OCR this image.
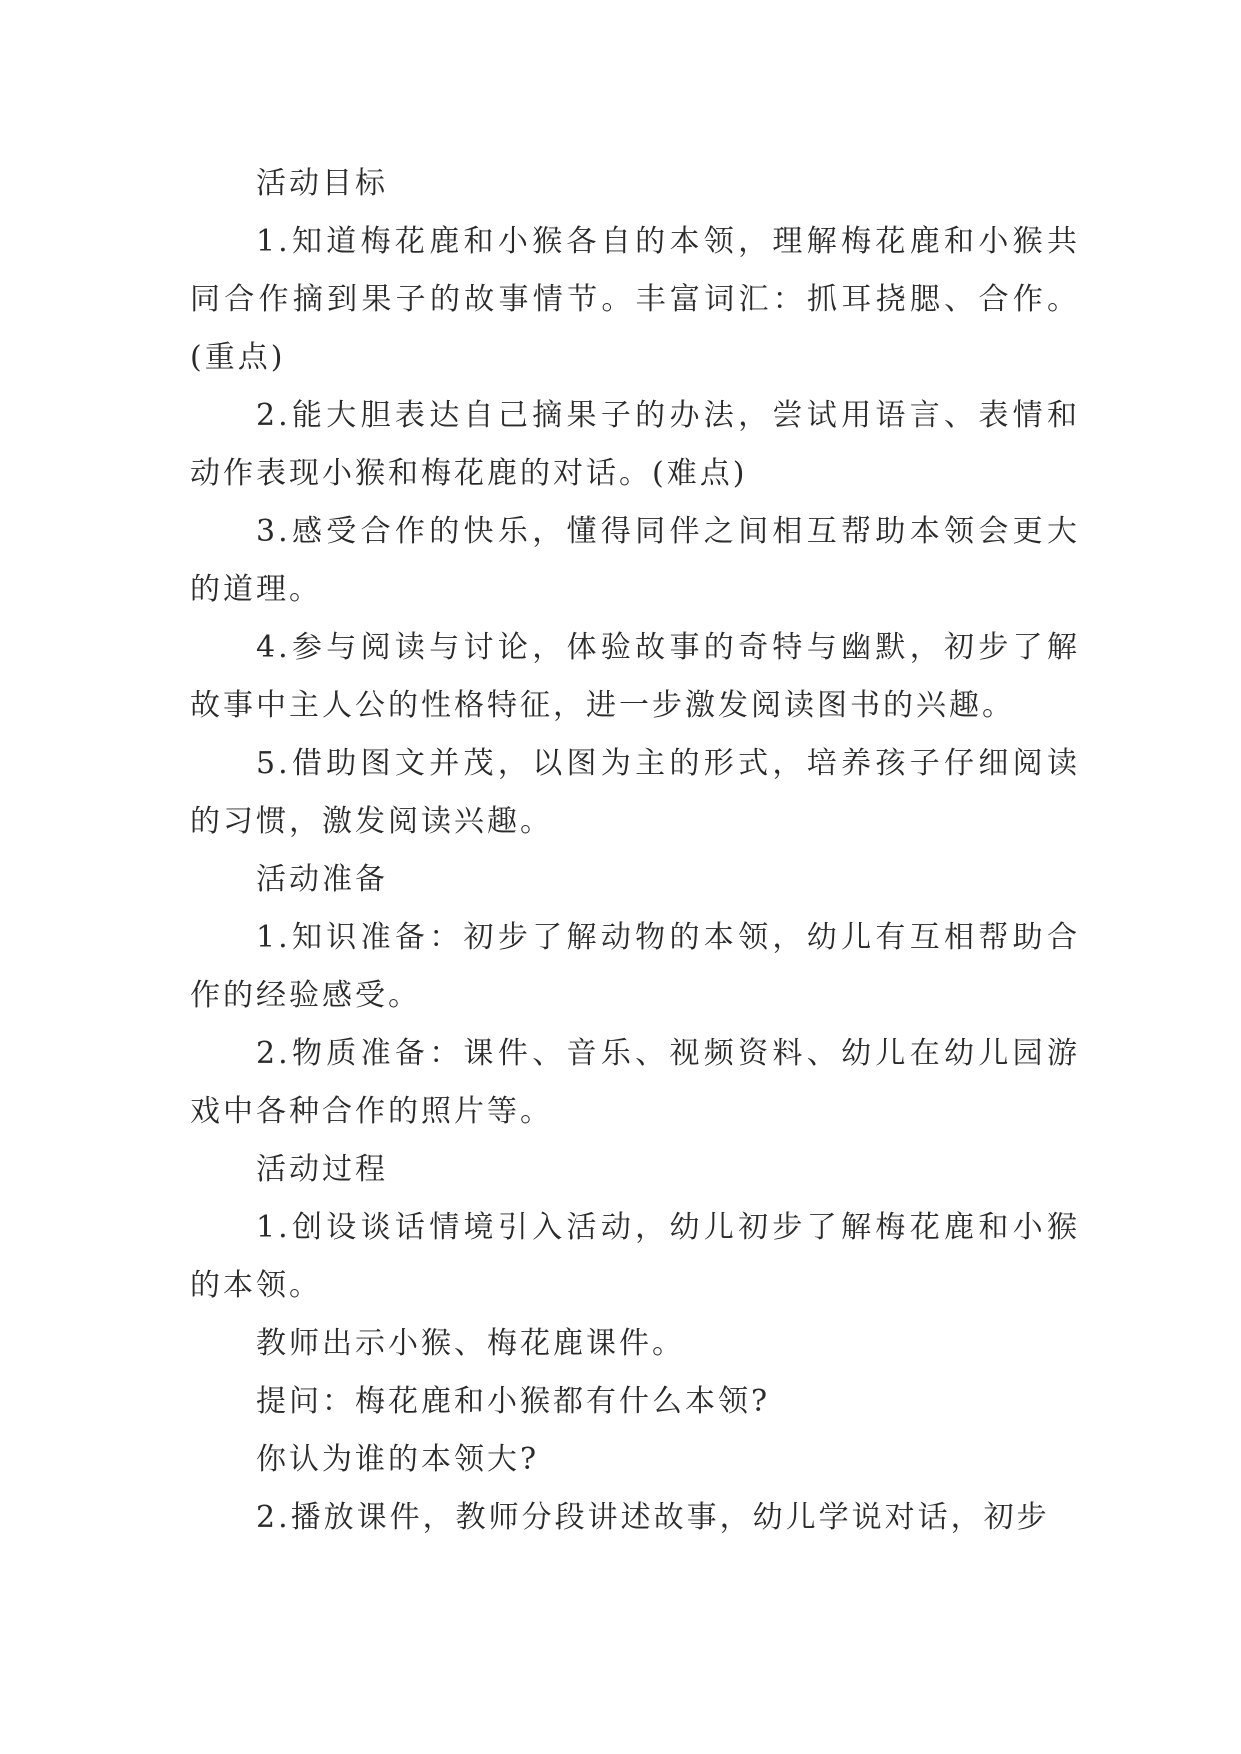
活动目标

1.知道梅花鹿和小猴各自的本领，理解梅花鹿和小猴共同合作摘到果子的故事情节。丰富词汇：抓耳挠腮、合作。(重点)

2.能大胆表达自己摘果子的办法，尝试用语言、表情和动作表现小猴和梅花鹿的对话。(难点)

3.感受合作的快乐，懂得同伴之间相互帮助本领会更大的道理。

4.参与阅读与讨论，体验故事的奇特与幽默，初步了解故事中主人公的性格特征，进一步激发阅读图书的兴趣。

5.借助图文并茂，以图为主的形式，培养孩子仔细阅读的习惯，激发阅读兴趣。

活动准备

1.知识准备：初步了解动物的本领，幼儿有互相帮助合作的经验感受。

2.物质准备：课件、音乐、视频资料、幼儿在幼儿园游戏中各种合作的照片等。

活动过程

1.创设谈话情境引入活动，幼儿初步了解梅花鹿和小猴的本领。

教师出示小猴、梅花鹿课件。

提问：梅花鹿和小猴都有什么本领?

你认为谁的本领大?

2.播放课件，教师分段讲述故事，幼儿学说对话，初步
